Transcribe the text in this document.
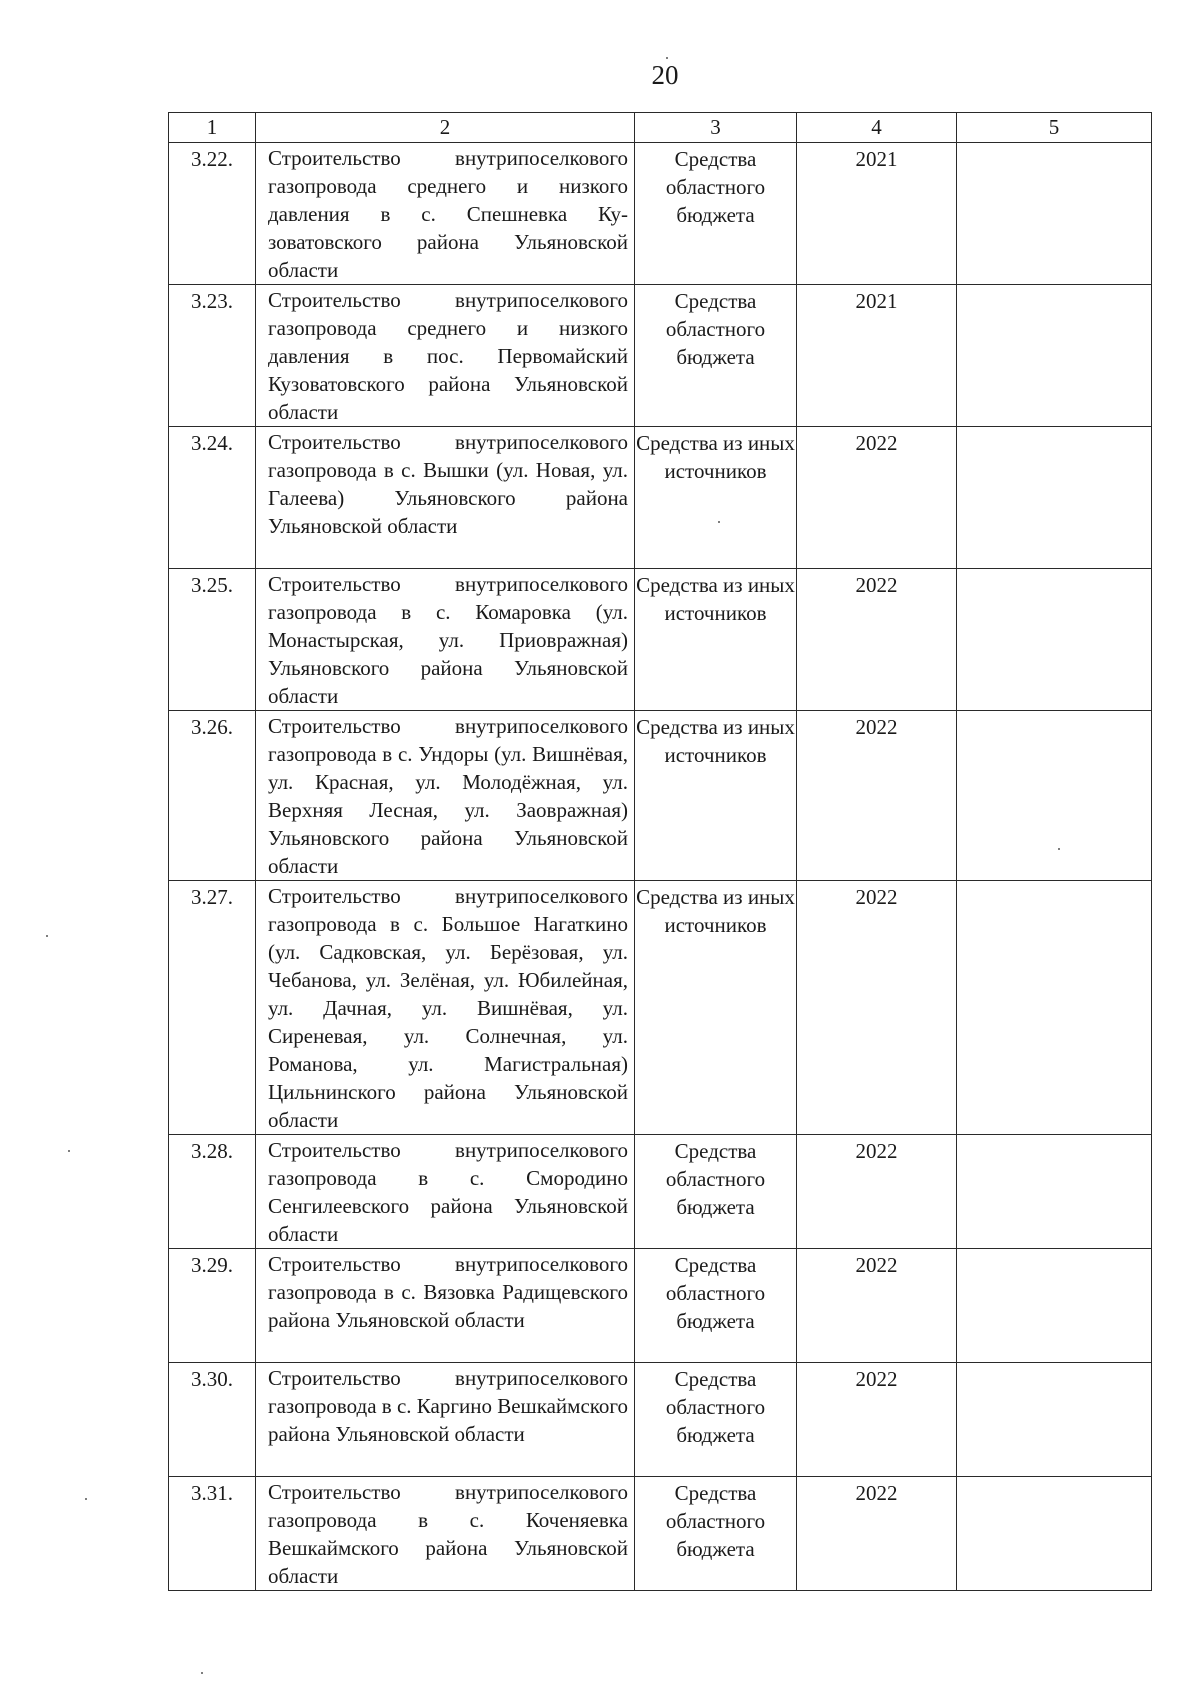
20
1	2	3	4	5
3.22.	Строительство внутрипоселкового газопровода среднего и низкого давления в с. Спешневка Кузоватовского района Ульяновской области	Средства областного бюджета	2021	
3.23.	Строительство внутрипоселкового газопровода среднего и низкого давления в пос. Первомайский Кузоватовского района Ульяновской области	Средства областного бюджета	2021	
3.24.	Строительство внутрипоселкового газопровода в с. Вышки (ул. Новая, ул. Галеева) Ульяновского района Ульяновской области	Средства из иных источников	2022	
3.25.	Строительство внутрипоселкового газопровода в с. Комаровка (ул. Монастырская, ул. Приовражная) Ульяновского района Ульяновской области	Средства из иных источников	2022	
3.26.	Строительство внутрипоселкового газопровода в с. Ундоры (ул. Вишнёвая, ул. Красная, ул. Молодёжная, ул. Верхняя Лесная, ул. Заовражная) Ульяновского района Ульяновской области	Средства из иных источников	2022	
3.27.	Строительство внутрипоселкового газопровода в с. Большое Нагаткино (ул. Садковская, ул. Берёзовая, ул. Чебанова, ул. Зелёная, ул. Юбилейная, ул. Дачная, ул. Вишнёвая, ул. Сиреневая, ул. Солнечная, ул. Романова, ул. Магистральная) Цильнинского района Ульяновской области	Средства из иных источников	2022	
3.28.	Строительство внутрипоселкового газопровода в с. Смородино Сенгилеевского района Ульяновской области	Средства областного бюджета	2022	
3.29.	Строительство внутрипоселкового газопровода в с. Вязовка Радищевского района Ульяновской области	Средства областного бюджета	2022	
3.30.	Строительство внутрипоселкового газопровода в с. Каргино Вешкаймского района Ульяновской области	Средства областного бюджета	2022	
3.31.	Строительство внутрипоселкового газопровода в с. Коченяевка Вешкаймского района Ульяновской области	Средства областного бюджета	2022	
